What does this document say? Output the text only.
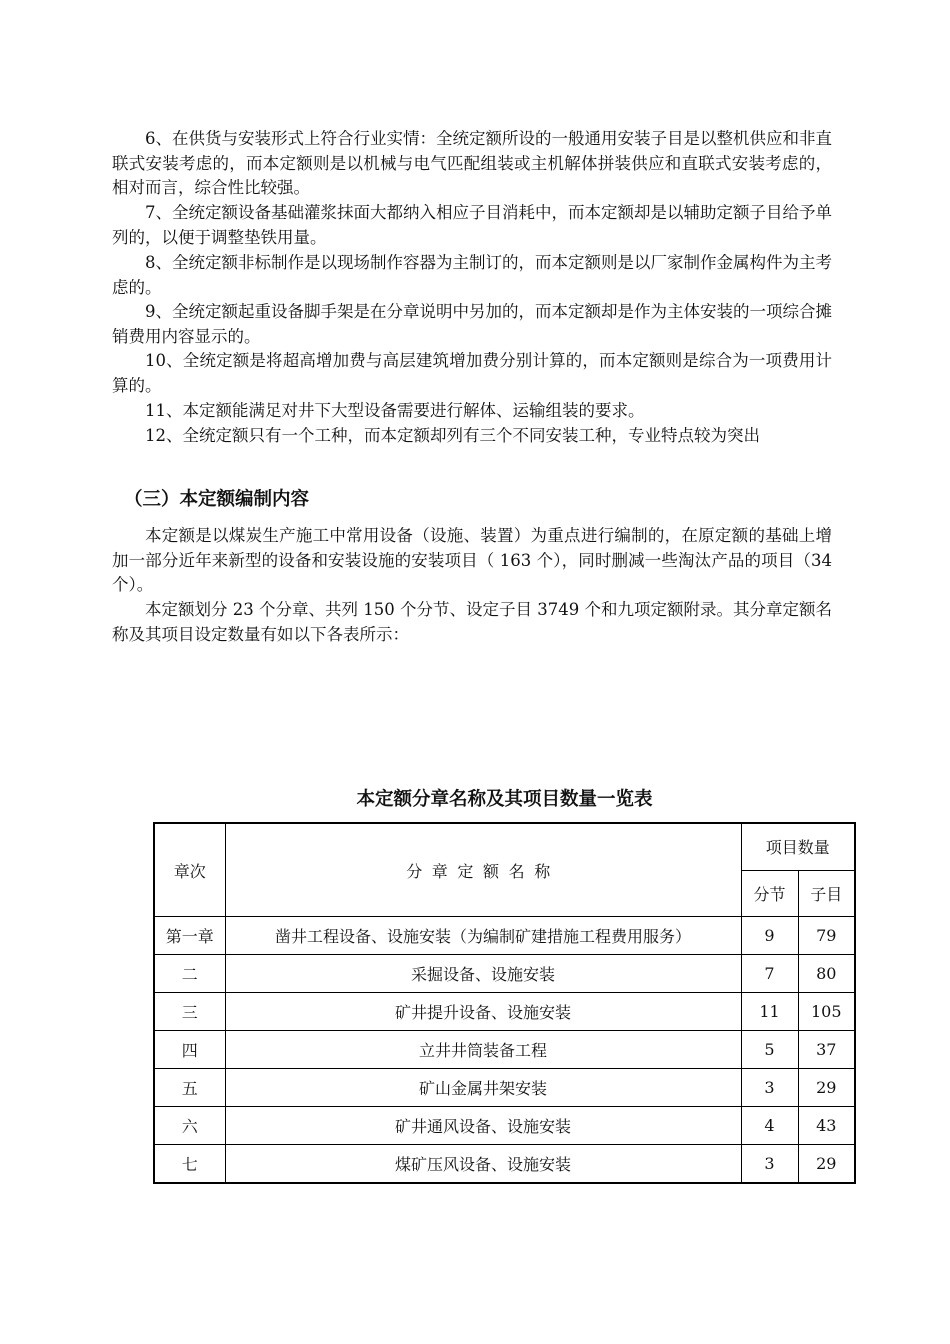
6、在供货与安装形式上符合行业实情：全统定额所设的一般通用安装子目是以整机供应和非直联式安装考虑的，而本定额则是以机械与电气匹配组装或主机解体拼装供应和直联式安装考虑的，相对而言，综合性比较强。

7、全统定额设备基础灌浆抹面大都纳入相应子目消耗中，而本定额却是以辅助定额子目给予单列的，以便于调整垫铁用量。

8、全统定额非标制作是以现场制作容器为主制订的，而本定额则是以厂家制作金属构件为主考虑的。

9、全统定额起重设备脚手架是在分章说明中另加的，而本定额却是作为主体安装的一项综合摊销费用内容显示的。

10、全统定额是将超高增加费与高层建筑增加费分别计算的，而本定额则是综合为一项费用计算的。

11、本定额能满足对井下大型设备需要进行解体、运输组装的要求。

12、全统定额只有一个工种，而本定额却列有三个不同安装工种，专业特点较为突出

（三）本定额编制内容

本定额是以煤炭生产施工中常用设备（设施、装置）为重点进行编制的，在原定额的基础上增加一部分近年来新型的设备和安装设施的安装项目（ 163 个），同时删减一些淘汰产品的项目（34 个）。

本定额划分 23 个分章、共列 150 个分节、设定子目 3749 个和九项定额附录。其分章定额名称及其项目设定数量有如以下各表所示：

本定额分章名称及其项目数量一览表
章次	分章定额名称	项目数量	
		分节	子目
第一章	凿井工程设备、设施安装（为编制矿建措施工程费用服务）	9	79
二	采掘设备、设施安装	7	80
三	矿井提升设备、设施安装	11	105
四	立井井筒装备工程	5	37
五	矿山金属井架安装	3	29
六	矿井通风设备、设施安装	4	43
七	煤矿压风设备、设施安装	3	29
